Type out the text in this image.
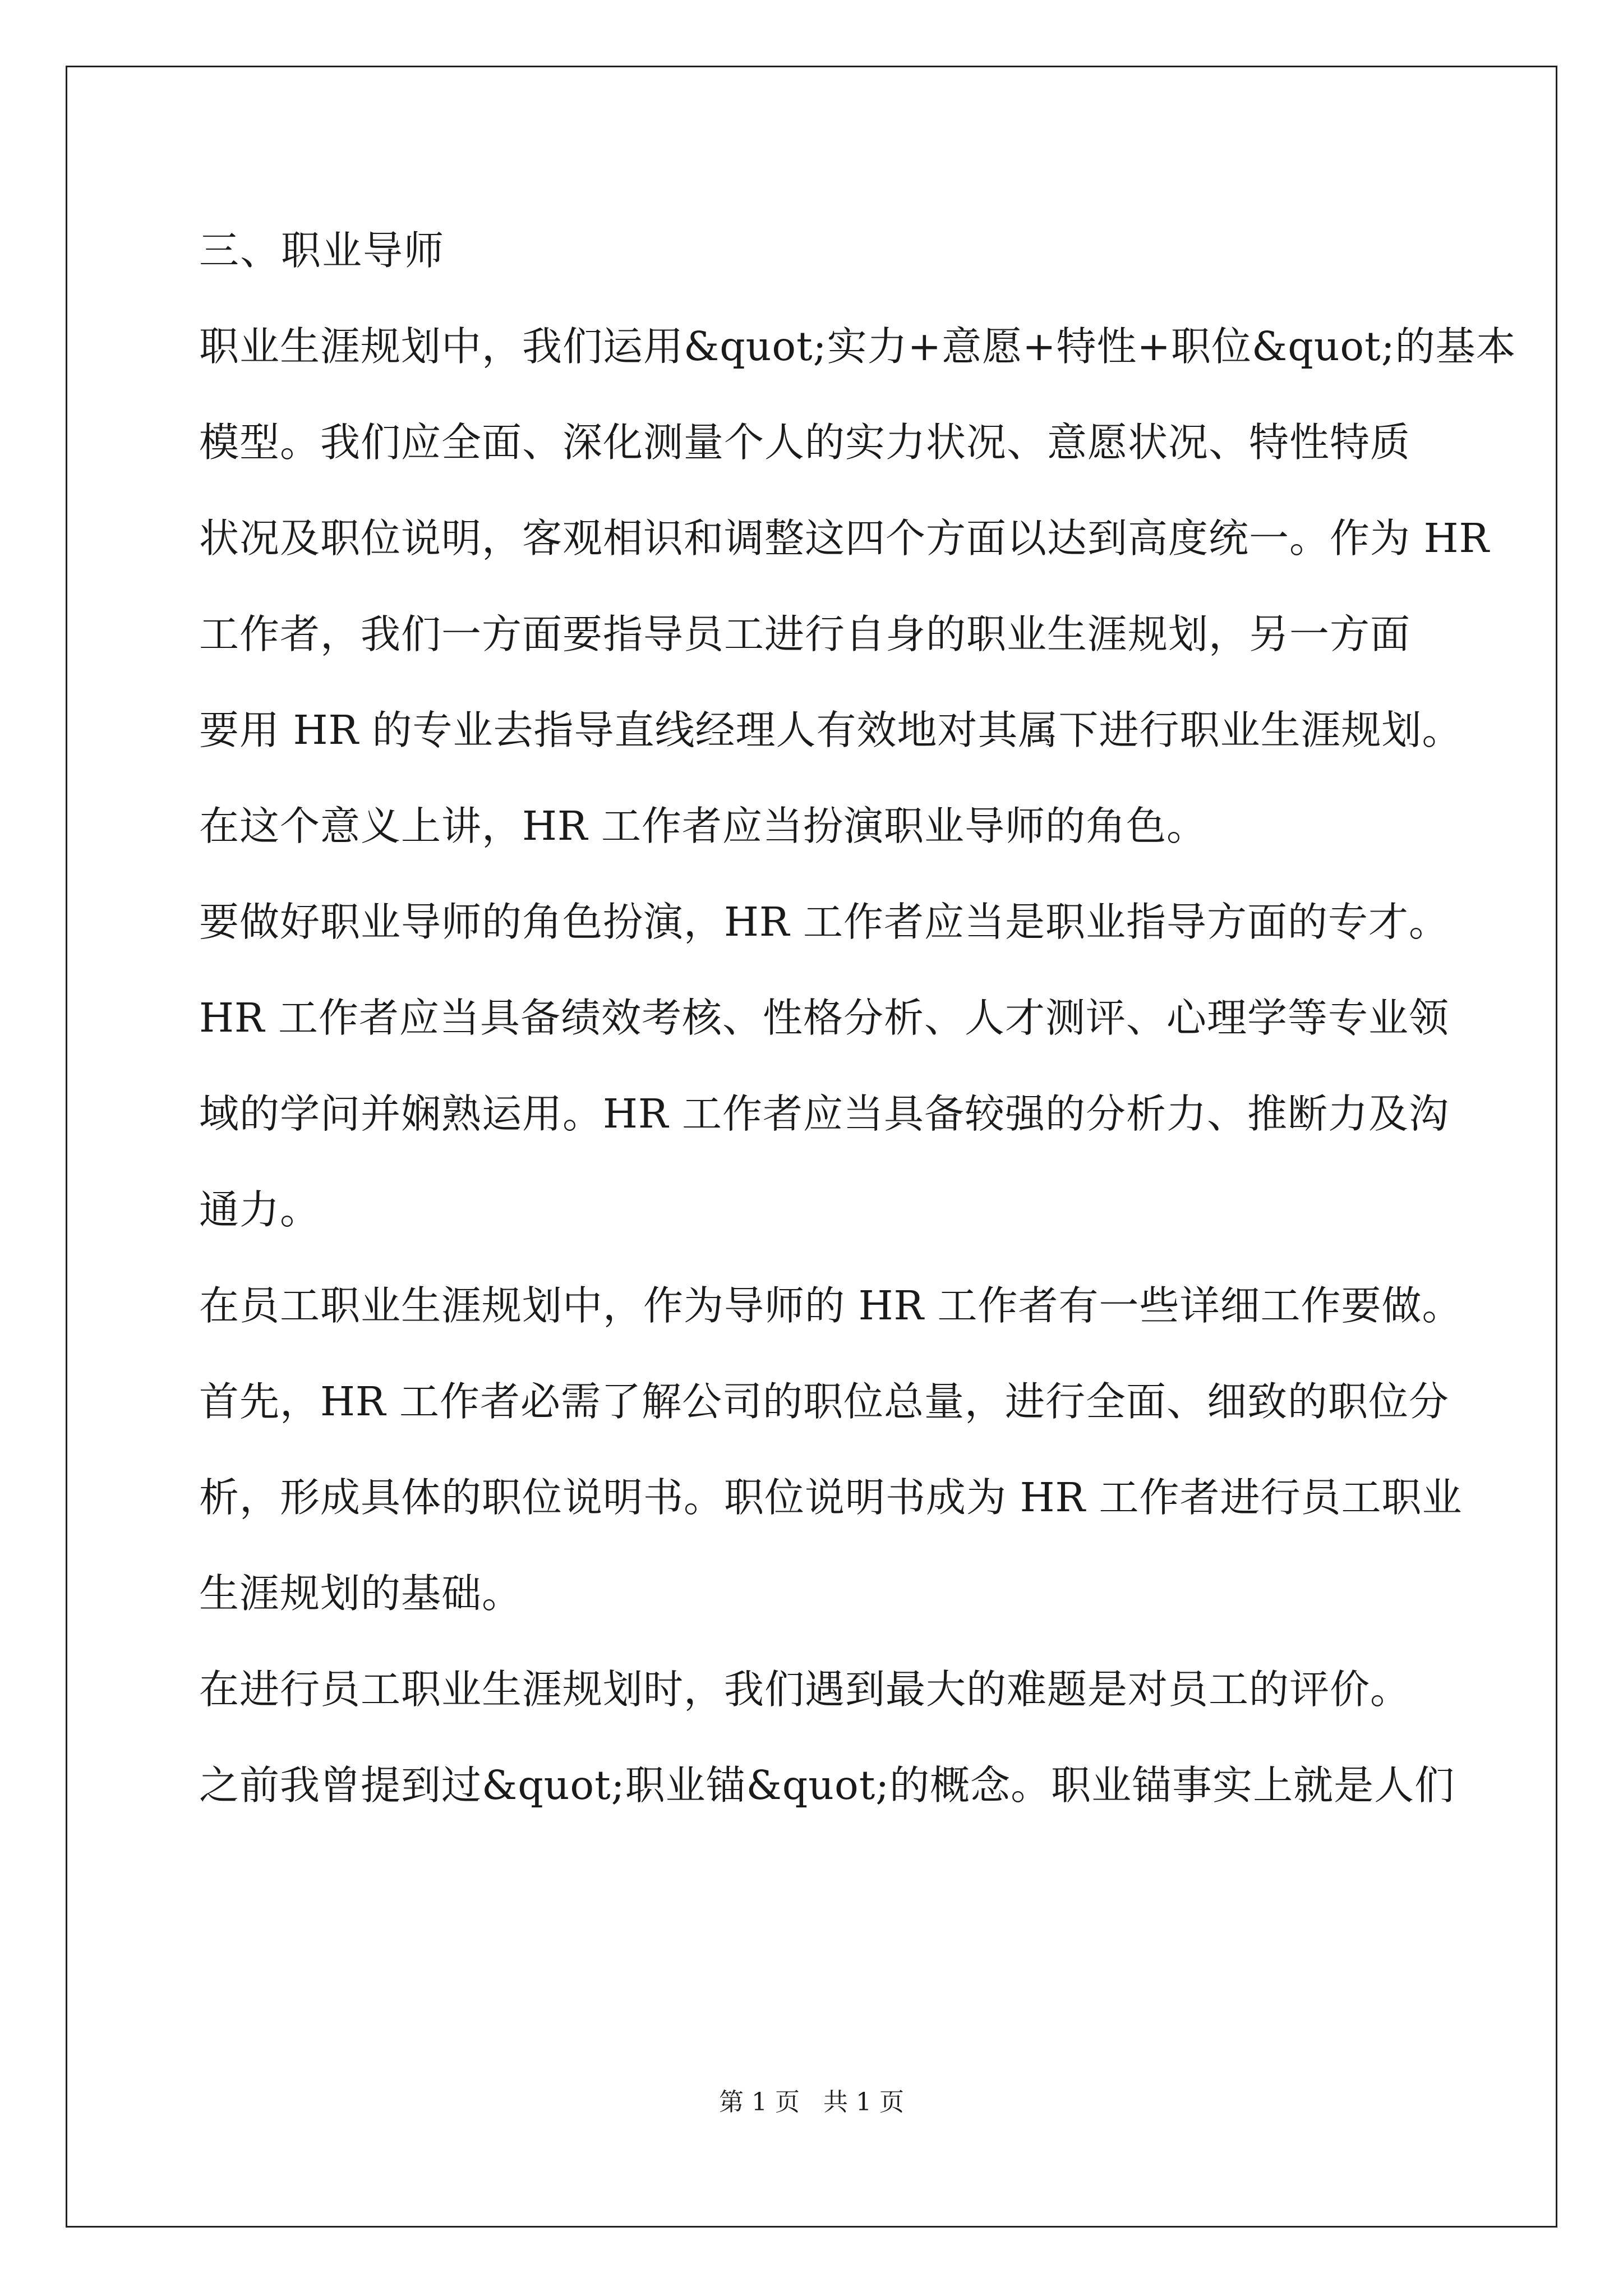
三、职业导师
职业生涯规划中，我们运用&quot;实力+意愿+特性+职位&quot;的基本
模型。我们应全面、深化测量个人的实力状况、意愿状况、特性特质
状况及职位说明，客观相识和调整这四个方面以达到高度统一。作为 HR
工作者，我们一方面要指导员工进行自身的职业生涯规划，另一方面
要用 HR 的专业去指导直线经理人有效地对其属下进行职业生涯规划。
在这个意义上讲，HR 工作者应当扮演职业导师的角色。
要做好职业导师的角色扮演，HR 工作者应当是职业指导方面的专才。
HR 工作者应当具备绩效考核、性格分析、人才测评、心理学等专业领
域的学问并娴熟运用。HR 工作者应当具备较强的分析力、推断力及沟
通力。
在员工职业生涯规划中，作为导师的 HR 工作者有一些详细工作要做。
首先，HR 工作者必需了解公司的职位总量，进行全面、细致的职位分
析，形成具体的职位说明书。职位说明书成为 HR 工作者进行员工职业
生涯规划的基础。
在进行员工职业生涯规划时，我们遇到最大的难题是对员工的评价。
之前我曾提到过&quot;职业锚&quot;的概念。职业锚事实上就是人们
第 1 页 共 1 页
